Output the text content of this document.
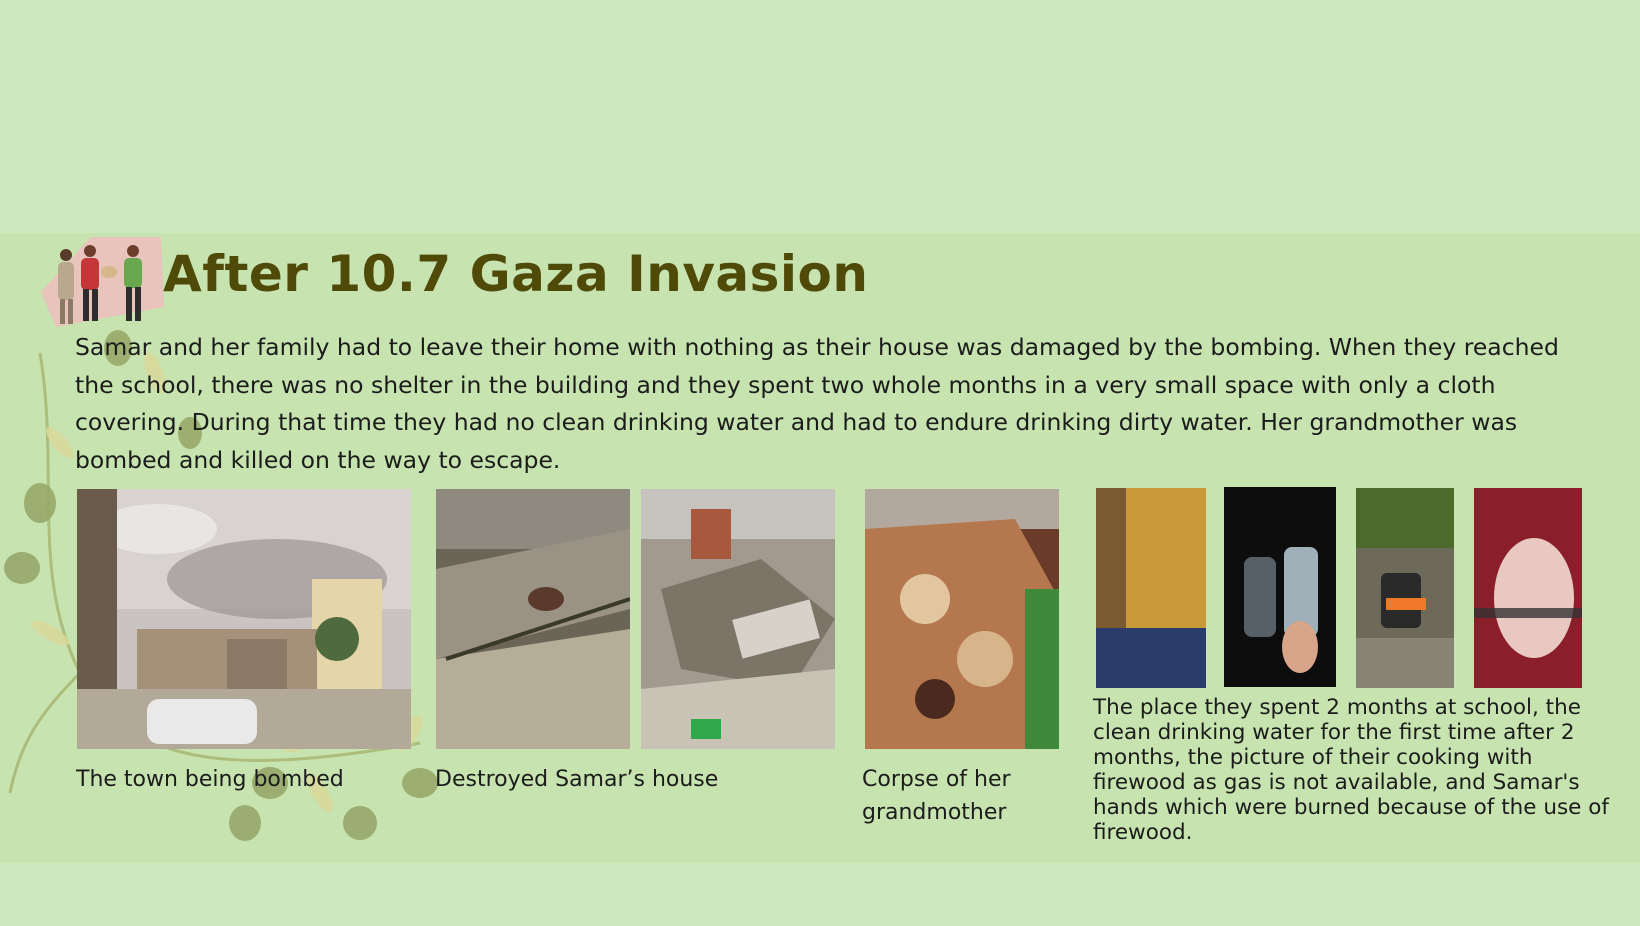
After 10.7 Gaza Invasion
Samar and her family had to leave their home with nothing as their house was damaged by the bombing. When they reached the school, there was no shelter in the building and they spent two whole months in a very small space with only a cloth covering. During that time they had no clean drinking water and had to endure drinking dirty water. Her grandmother was bombed and killed on the way to escape.
The town being bombed	Destroyed Samar’s house	Corpse of her grandmother
The place they spent 2 months at school, the clean drinking water for the first time after 2 months, the picture of their cooking with firewood as gas is not available, and Samar's hands which were burned because of the use of firewood.
